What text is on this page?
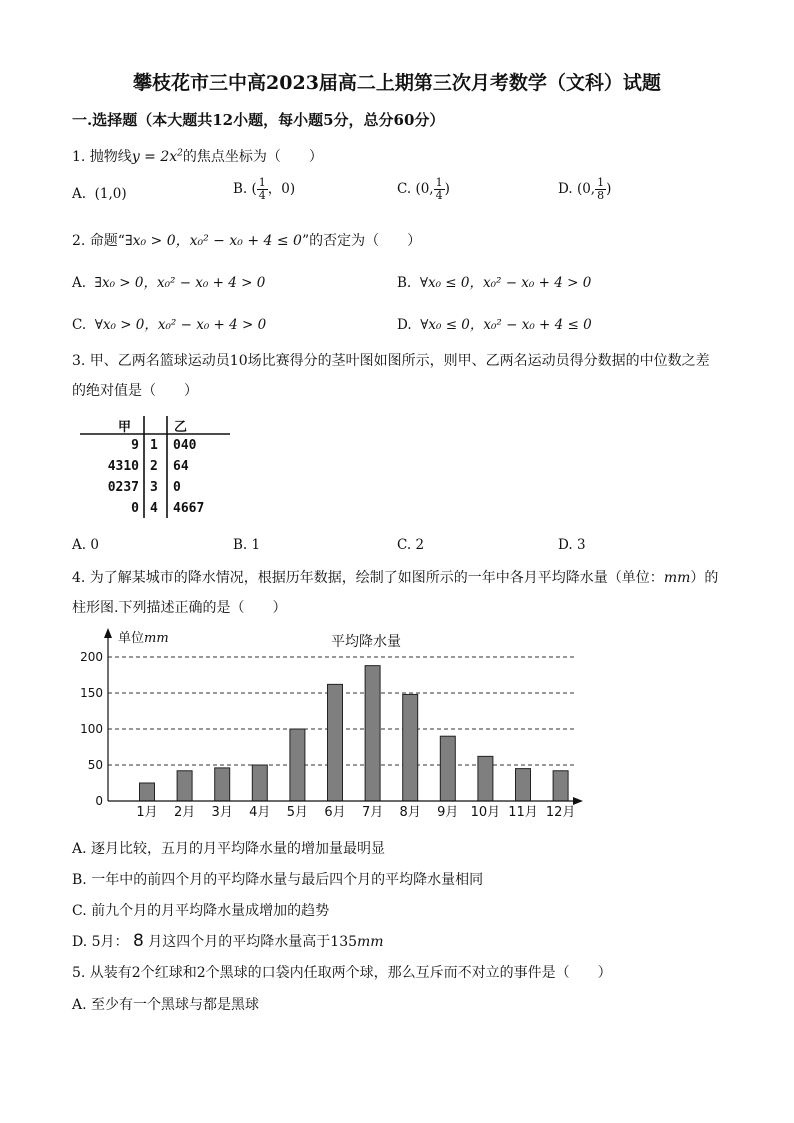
攀枝花市三中高2023届高二上期第三次月考数学（文科）试题
一.选择题（本大题共12小题，每小题5分，总分60分）
1. 抛物线$y = 2x^2$的焦点坐标为（　　）
A. (1,0)	B. ( $\frac{1}{4}$ ，0)	C. (0, $\frac{1}{4}$ )	D. (0, $\frac{1}{8}$ )
2. 命题“∃x₀ > 0，x₀² − x₀ + 4 ≤ 0”的否定为（　　）
A. ∃x₀ > 0，x₀² − x₀ + 4 > 0	B. ∀x₀ ≤ 0，x₀² − x₀ + 4 > 0
C. ∀x₀ > 0，x₀² − x₀ + 4 > 0	D. ∀x₀ ≤ 0，x₀² − x₀ + 4 ≤ 0
3. 甲、乙两名篮球运动员10场比赛得分的茎叶图如图所示，则甲、乙两名运动员得分数据的中位数之差
的绝对值是（　　）
甲	乙
9 1 040
4310 2 64
0237 3 0
0 4 4667
A. 0	B. 1	C. 2	D. 3
4. 为了解某城市的降水情况，根据历年数据，绘制了如图所示的一年中各月平均降水量（单位：mm）的
柱形图.下列描述正确的是（　　）
0
50
100
150
200
1月 2月 3月 4月 5月 6月 7月 8月 9月 10月 11月 12月
单位mm	平均降水量
A. 逐月比较，五月的月平均降水量的增加量最明显
B. 一年中的前四个月的平均降水量与最后四个月的平均降水量相同
C. 前九个月的月平均降水量成增加的趋势
D. 5月： 8 月这四个月的平均降水量高于135mm
5. 从装有2个红球和2个黑球的口袋内任取两个球，那么互斥而不对立的事件是（　　）
A. 至少有一个黑球与都是黑球
